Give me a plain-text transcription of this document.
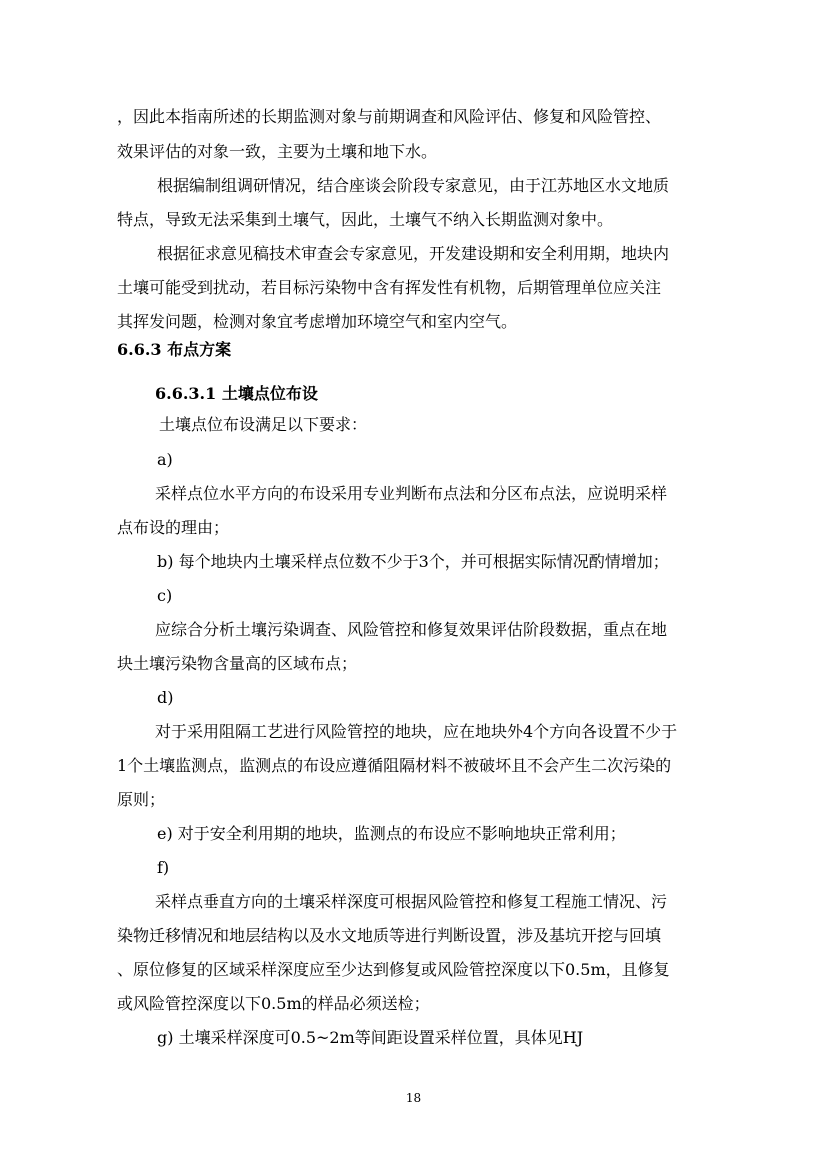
，因此本指南所述的长期监测对象与前期调查和风险评估、修复和风险管控、
效果评估的对象一致，主要为土壤和地下水。
根据编制组调研情况，结合座谈会阶段专家意见，由于江苏地区水文地质
特点，导致无法采集到土壤气，因此，土壤气不纳入长期监测对象中。
根据征求意见稿技术审查会专家意见，开发建设期和安全利用期，地块内
土壤可能受到扰动，若目标污染物中含有挥发性有机物，后期管理单位应关注
其挥发问题，检测对象宜考虑增加环境空气和室内空气。
6.6.3 布点方案
6.6.3.1 土壤点位布设
土壤点位布设满足以下要求：
a)
采样点位水平方向的布设采用专业判断布点法和分区布点法，应说明采样
点布设的理由；
b) 每个地块内土壤采样点位数不少于3个，并可根据实际情况酌情增加；
c)
应综合分析土壤污染调查、风险管控和修复效果评估阶段数据，重点在地
块土壤污染物含量高的区域布点；
d)
对于采用阻隔工艺进行风险管控的地块，应在地块外4个方向各设置不少于
1个土壤监测点，监测点的布设应遵循阻隔材料不被破坏且不会产生二次污染的
原则；
e) 对于安全利用期的地块，监测点的布设应不影响地块正常利用；
f)
采样点垂直方向的土壤采样深度可根据风险管控和修复工程施工情况、污
染物迁移情况和地层结构以及水文地质等进行判断设置，涉及基坑开挖与回填
、原位修复的区域采样深度应至少达到修复或风险管控深度以下0.5m，且修复
或风险管控深度以下0.5m的样品必须送检；
g) 土壤采样深度可0.5~2m等间距设置采样位置，具体见HJ
18
